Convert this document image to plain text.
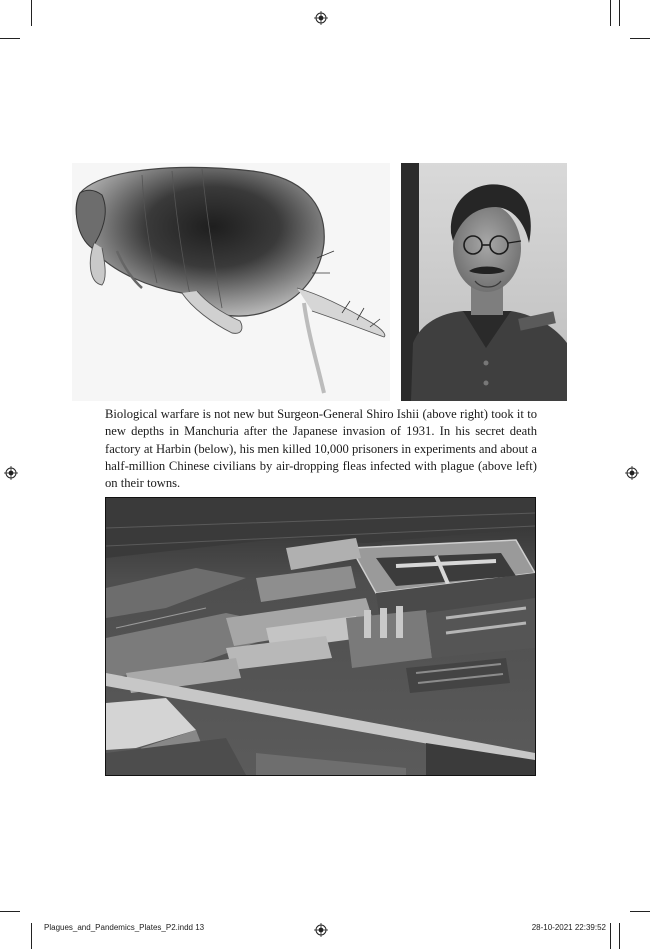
Biological warfare is not new but Surgeon-General Shiro Ishii (above right) took it to new depths in Manchuria after the Japanese invasion of 1931. In his secret death factory at Harbin (below), his men killed 10,000 prisoners in experiments and about a half-million Chinese civilians by air-dropping fleas infected with plague (above left) on their towns.

Plagues_and_Pandemics_Plates_P2.indd 13	28-10-2021 22:39:52
